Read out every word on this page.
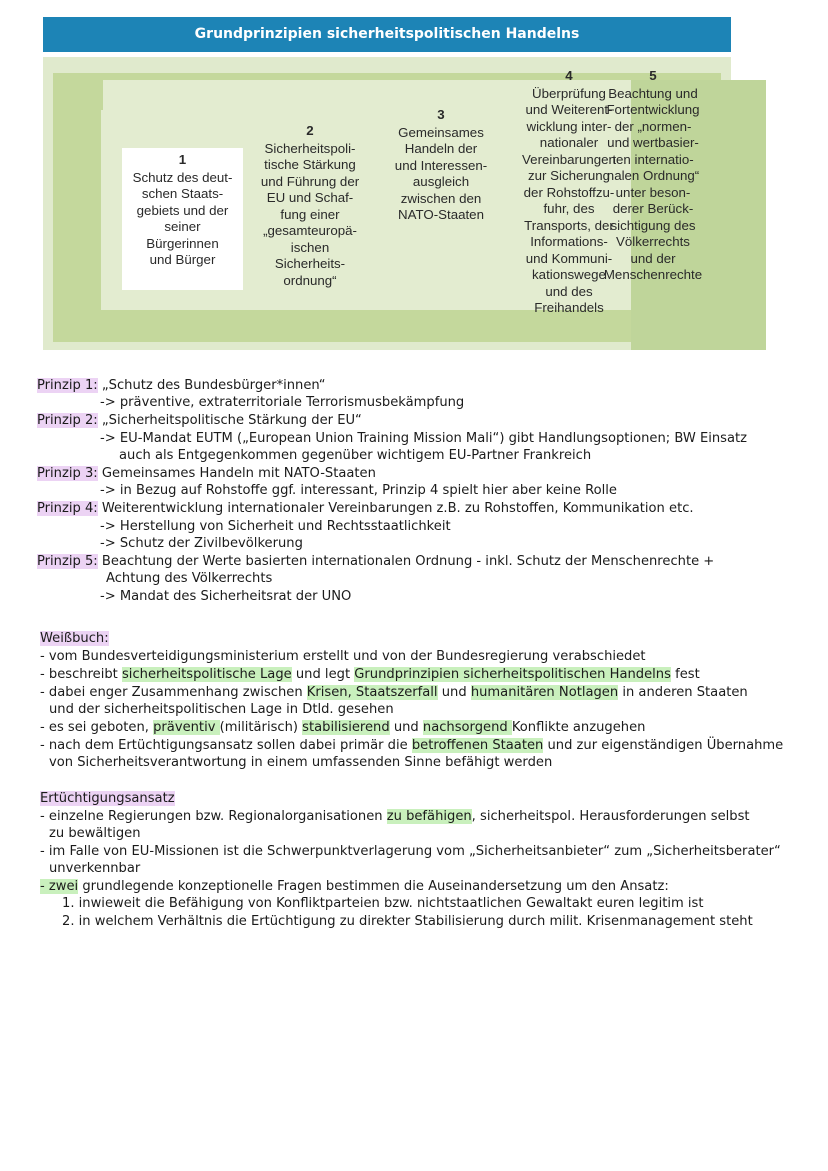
Grundprinzipien sicherheitspolitischen Handelns
1
Schutz des deut-
schen Staats-
gebiets und der
seiner
Bürgerinnen
und Bürger
2
Sicherheitspoli-
tische Stärkung
und Führung der
EU und Schaf-
fung einer
„gesamteuropä-
ischen
Sicherheits-
ordnung“
3
Gemeinsames
Handeln der
und Interessen-
ausgleich
zwischen den
NATO-Staaten
4
Überprüfung
und Weiterent-
wicklung inter-
nationaler
Vereinbarungen
zur Sicherung
der Rohstoffzu-
fuhr, des
Transports, der
Informations-
und Kommuni-
kationswege
und des
Freihandels
5
Beachtung und
Fortentwicklung
der „normen-
und wertbasier-
ten internatio-
nalen Ordnung“
unter beson-
derer Berück-
sichtigung des
Völkerrechts
und der
Menschenrechte
Prinzip 1: „Schutz des Bundesbürger*innen“
-> präventive, extraterritoriale Terrorismusbekämpfung
Prinzip 2: „Sicherheitspolitische Stärkung der EU“
-> EU-Mandat EUTM („European Union Training Mission Mali“) gibt Handlungsoptionen; BW Einsatz
auch als Entgegenkommen gegenüber wichtigem EU-Partner Frankreich
Prinzip 3: Gemeinsames Handeln mit NATO-Staaten
-> in Bezug auf Rohstoffe ggf. interessant, Prinzip 4 spielt hier aber keine Rolle
Prinzip 4: Weiterentwicklung internationaler Vereinbarungen z.B. zu Rohstoffen, Kommunikation etc.
-> Herstellung von Sicherheit und Rechtsstaatlichkeit
-> Schutz der Zivilbevölkerung
Prinzip 5: Beachtung der Werte basierten internationalen Ordnung - inkl. Schutz der Menschenrechte +
Achtung des Völkerrechts
-> Mandat des Sicherheitsrat der UNO
Weißbuch:
- vom Bundesverteidigungsministerium erstellt und von der Bundesregierung verabschiedet
- beschreibt sicherheitspolitische Lage und legt Grundprinzipien sicherheitspolitischen Handelns fest
- dabei enger Zusammenhang zwischen Krisen, Staatszerfall und humanitären Notlagen in anderen Staaten
und der sicherheitspolitischen Lage in Dtld. gesehen
- es sei geboten, präventiv (militärisch) stabilisierend und nachsorgend Konflikte anzugehen
- nach dem Ertüchtigungsansatz sollen dabei primär die betroffenen Staaten und zur eigenständigen Übernahme
von Sicherheitsverantwortung in einem umfassenden Sinne befähigt werden
Ertüchtigungsansatz
- einzelne Regierungen bzw. Regionalorganisationen zu befähigen, sicherheitspol. Herausforderungen selbst
zu bewältigen
- im Falle von EU-Missionen ist die Schwerpunktverlagerung vom „Sicherheitsanbieter“ zum „Sicherheitsberater“
unverkennbar
- zwei grundlegende konzeptionelle Fragen bestimmen die Auseinandersetzung um den Ansatz:
1. inwieweit die Befähigung von Konfliktparteien bzw. nichtstaatlichen Gewaltakt euren legitim ist
2. in welchem Verhältnis die Ertüchtigung zu direkter Stabilisierung durch milit. Krisenmanagement steht
